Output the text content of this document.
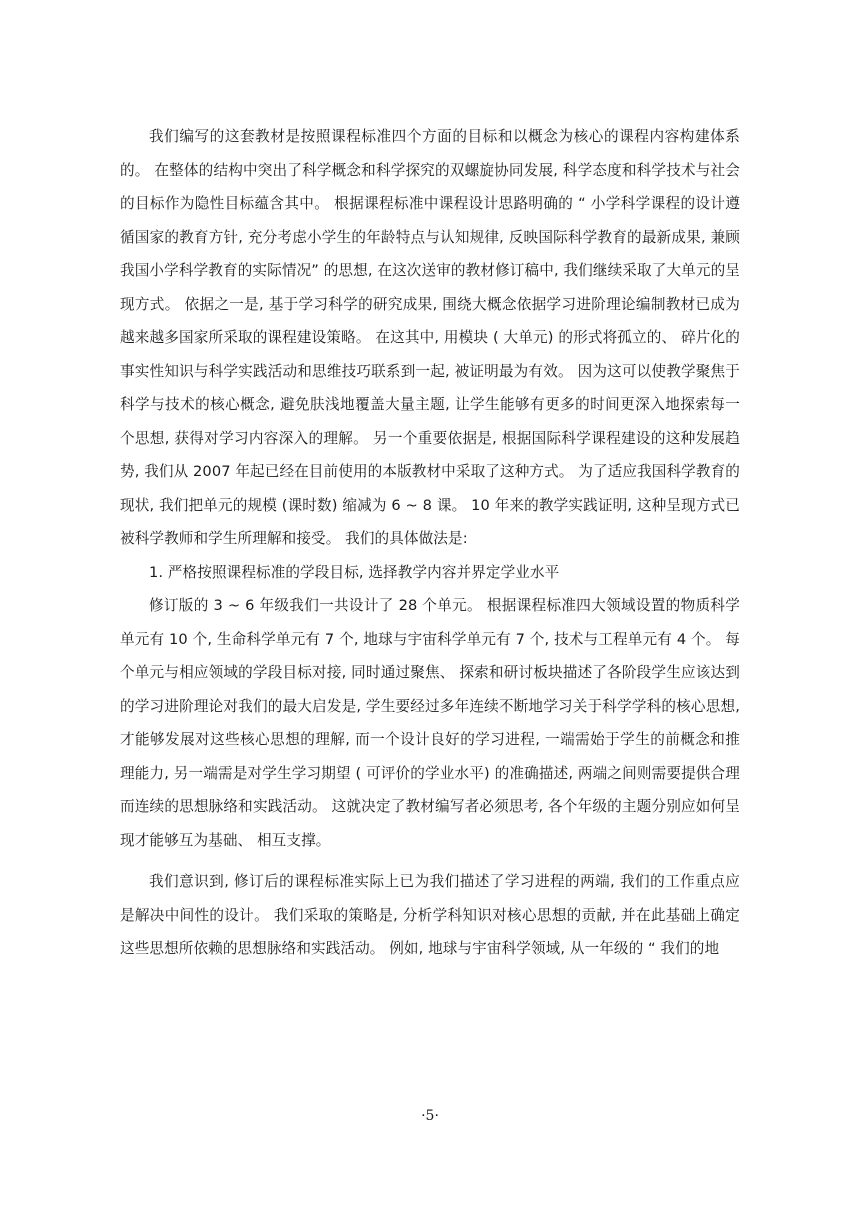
我们编写的这套教材是按照课程标准四个方面的目标和以概念为核心的课程内容构建体系的。 在整体的结构中突出了科学概念和科学探究的双螺旋协同发展, 科学态度和科学技术与社会的目标作为隐性目标蕴含其中。 根据课程标准中课程设计思路明确的 “ 小学科学课程的设计遵循国家的教育方针, 充分考虑小学生的年龄特点与认知规律, 反映国际科学教育的最新成果, 兼顾我国小学科学教育的实际情况” 的思想, 在这次送审的教材修订稿中, 我们继续采取了大单元的呈现方式。 依据之一是, 基于学习科学的研究成果, 围绕大概念依据学习进阶理论编制教材已成为越来越多国家所采取的课程建设策略。 在这其中, 用模块 ( 大单元) 的形式将孤立的、 碎片化的事实性知识与科学实践活动和思维技巧联系到一起, 被证明最为有效。 因为这可以使教学聚焦于科学与技术的核心概念, 避免肤浅地覆盖大量主题, 让学生能够有更多的时间更深入地探索每一个思想, 获得对学习内容深入的理解。 另一个重要依据是, 根据国际科学课程建设的这种发展趋势, 我们从 2007 年起已经在目前使用的本版教材中采取了这种方式。 为了适应我国科学教育的现状, 我们把单元的规模 (课时数) 缩减为 6 ~ 8 课。 10 年来的教学实践证明, 这种呈现方式已被科学教师和学生所理解和接受。 我们的具体做法是:

1. 严格按照课程标准的学段目标, 选择教学内容并界定学业水平

修订版的 3 ~ 6 年级我们一共设计了 28 个单元。 根据课程标准四大领域设置的物质科学单元有 10 个, 生命科学单元有 7 个, 地球与宇宙科学单元有 7 个, 技术与工程单元有 4 个。 每个单元与相应领域的学段目标对接, 同时通过聚焦、 探索和研讨板块描述了各阶段学生应该达到的学习进阶理论对我们的最大启发是, 学生要经过多年连续不断地学习关于科学学科的核心思想, 才能够发展对这些核心思想的理解, 而一个设计良好的学习进程, 一端需始于学生的前概念和推理能力, 另一端需是对学生学习期望 ( 可评价的学业水平) 的准确描述, 两端之间则需要提供合理而连续的思想脉络和实践活动。 这就决定了教材编写者必须思考, 各个年级的主题分别应如何呈现才能够互为基础、 相互支撑。

我们意识到, 修订后的课程标准实际上已为我们描述了学习进程的两端, 我们的工作重点应是解决中间性的设计。 我们采取的策略是, 分析学科知识对核心思想的贡献, 并在此基础上确定这些思想所依赖的思想脉络和实践活动。 例如, 地球与宇宙科学领域, 从一年级的 “ 我们的地

·5·
